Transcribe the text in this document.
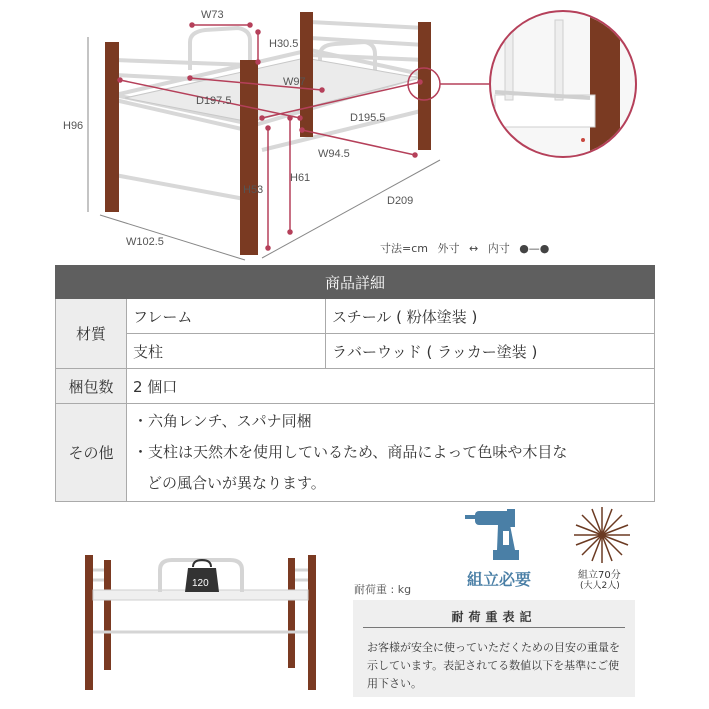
W73
H30.5
W97
D197.5
D195.5
W94.5
H96
H53
H61
D209
W102.5	寸法=cm 外寸 ↔ 内寸 ●—●
商品詳細		
材質	フレーム	スチール ( 粉体塗装 )
	支柱	ラバーウッド ( ラッカー塗装 )
梱包数	2 個口	
その他	・六角レンチ、スパナ同梱
・支柱は天然木を使用しているため、商品によって色味や木目な
どの風合いが異なります。	
120	耐荷重 : kg
組立必要	組立70分
(大人2人)
耐荷重表記
お客様が安全に使っていただくための目安の重量を示しています。表記されてる数値以下を基準にご使用下さい。
